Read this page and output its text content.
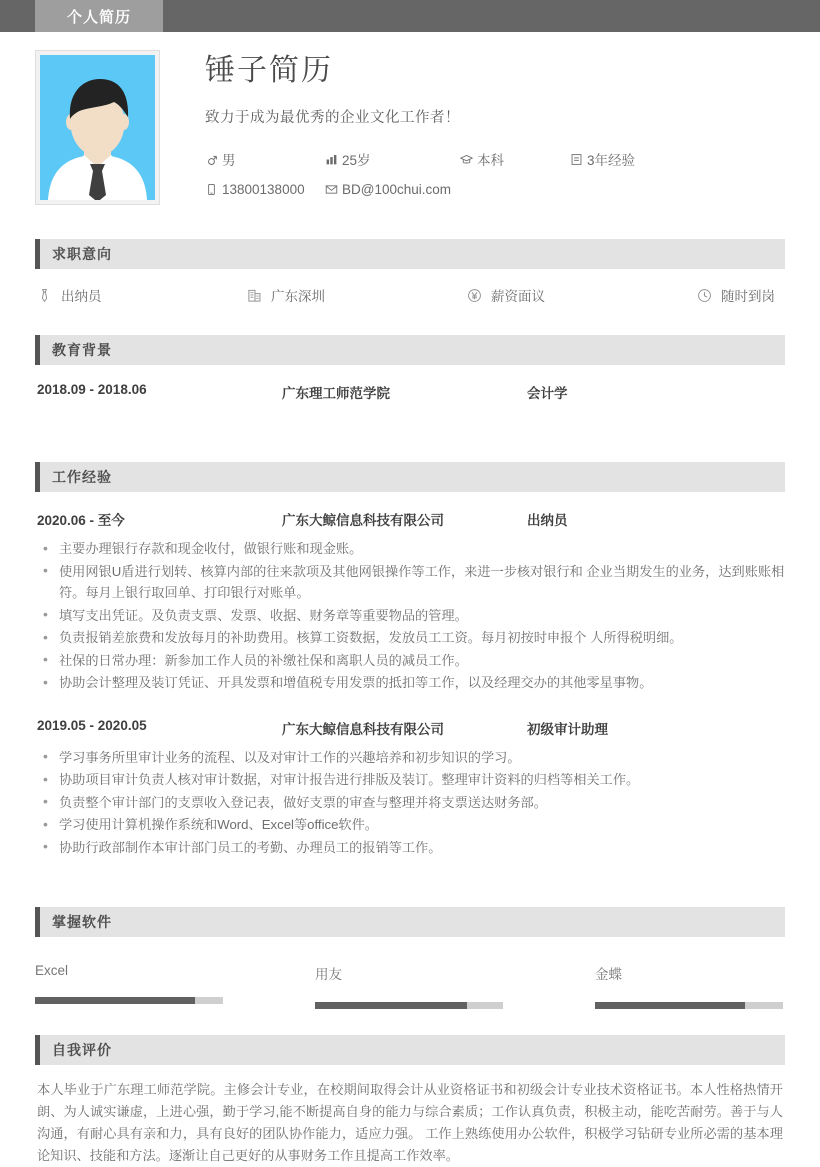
个人简历
锤子简历
致力于成为最优秀的企业文化工作者！
男	25岁	本科	3年经验
13800138000	BD@100chui.com
求职意向
出纳员	广东深圳	薪资面议	随时到岗
教育背景
2018.09 - 2018.06	广东理工师范学院	会计学
工作经验
2020.06 - 至今	广东大鲸信息科技有限公司	出纳员
• 主要办理银行存款和现金收付，做银行账和现金账。
• 使用网银U盾进行划转、核算内部的往来款项及其他网银操作等工作，来进一步核对银行和 企业当期发生的业务，达到账账相符。每月上银行取回单、打印银行对账单。
• 填写支出凭证。及负责支票、发票、收据、财务章等重要物品的管理。
• 负责报销差旅费和发放每月的补助费用。核算工资数据，发放员工工资。每月初按时申报个 人所得税明细。
• 社保的日常办理：新参加工作人员的补缴社保和离职人员的减员工作。
• 协助会计整理及装订凭证、开具发票和增值税专用发票的抵扣等工作，以及经理交办的其他零星事物。
2019.05 - 2020.05	广东大鲸信息科技有限公司	初级审计助理
• 学习事务所里审计业务的流程、以及对审计工作的兴趣培养和初步知识的学习。
• 协助项目审计负责人核对审计数据，对审计报告进行排版及装订。整理审计资料的归档等相关工作。
• 负责整个审计部门的支票收入登记表，做好支票的审查与整理并将支票送达财务部。
• 学习使用计算机操作系统和Word、Excel等office软件。
• 协助行政部制作本审计部门员工的考勤、办理员工的报销等工作。
掌握软件
Excel	用友	金蝶
自我评价
本人毕业于广东理工师范学院。主修会计专业，在校期间取得会计从业资格证书和初级会计专业技术资格证书。本人性格热情开朗、为人诚实谦虚，上进心强，勤于学习,能不断提高自身的能力与综合素质；工作认真负责，积极主动，能吃苦耐劳。善于与人沟通，有耐心具有亲和力，具有良好的团队协作能力，适应力强。 工作上熟练使用办公软件，积极学习钻研专业所必需的基本理论知识、技能和方法。逐渐让自己更好的从事财务工作且提高工作效率。
